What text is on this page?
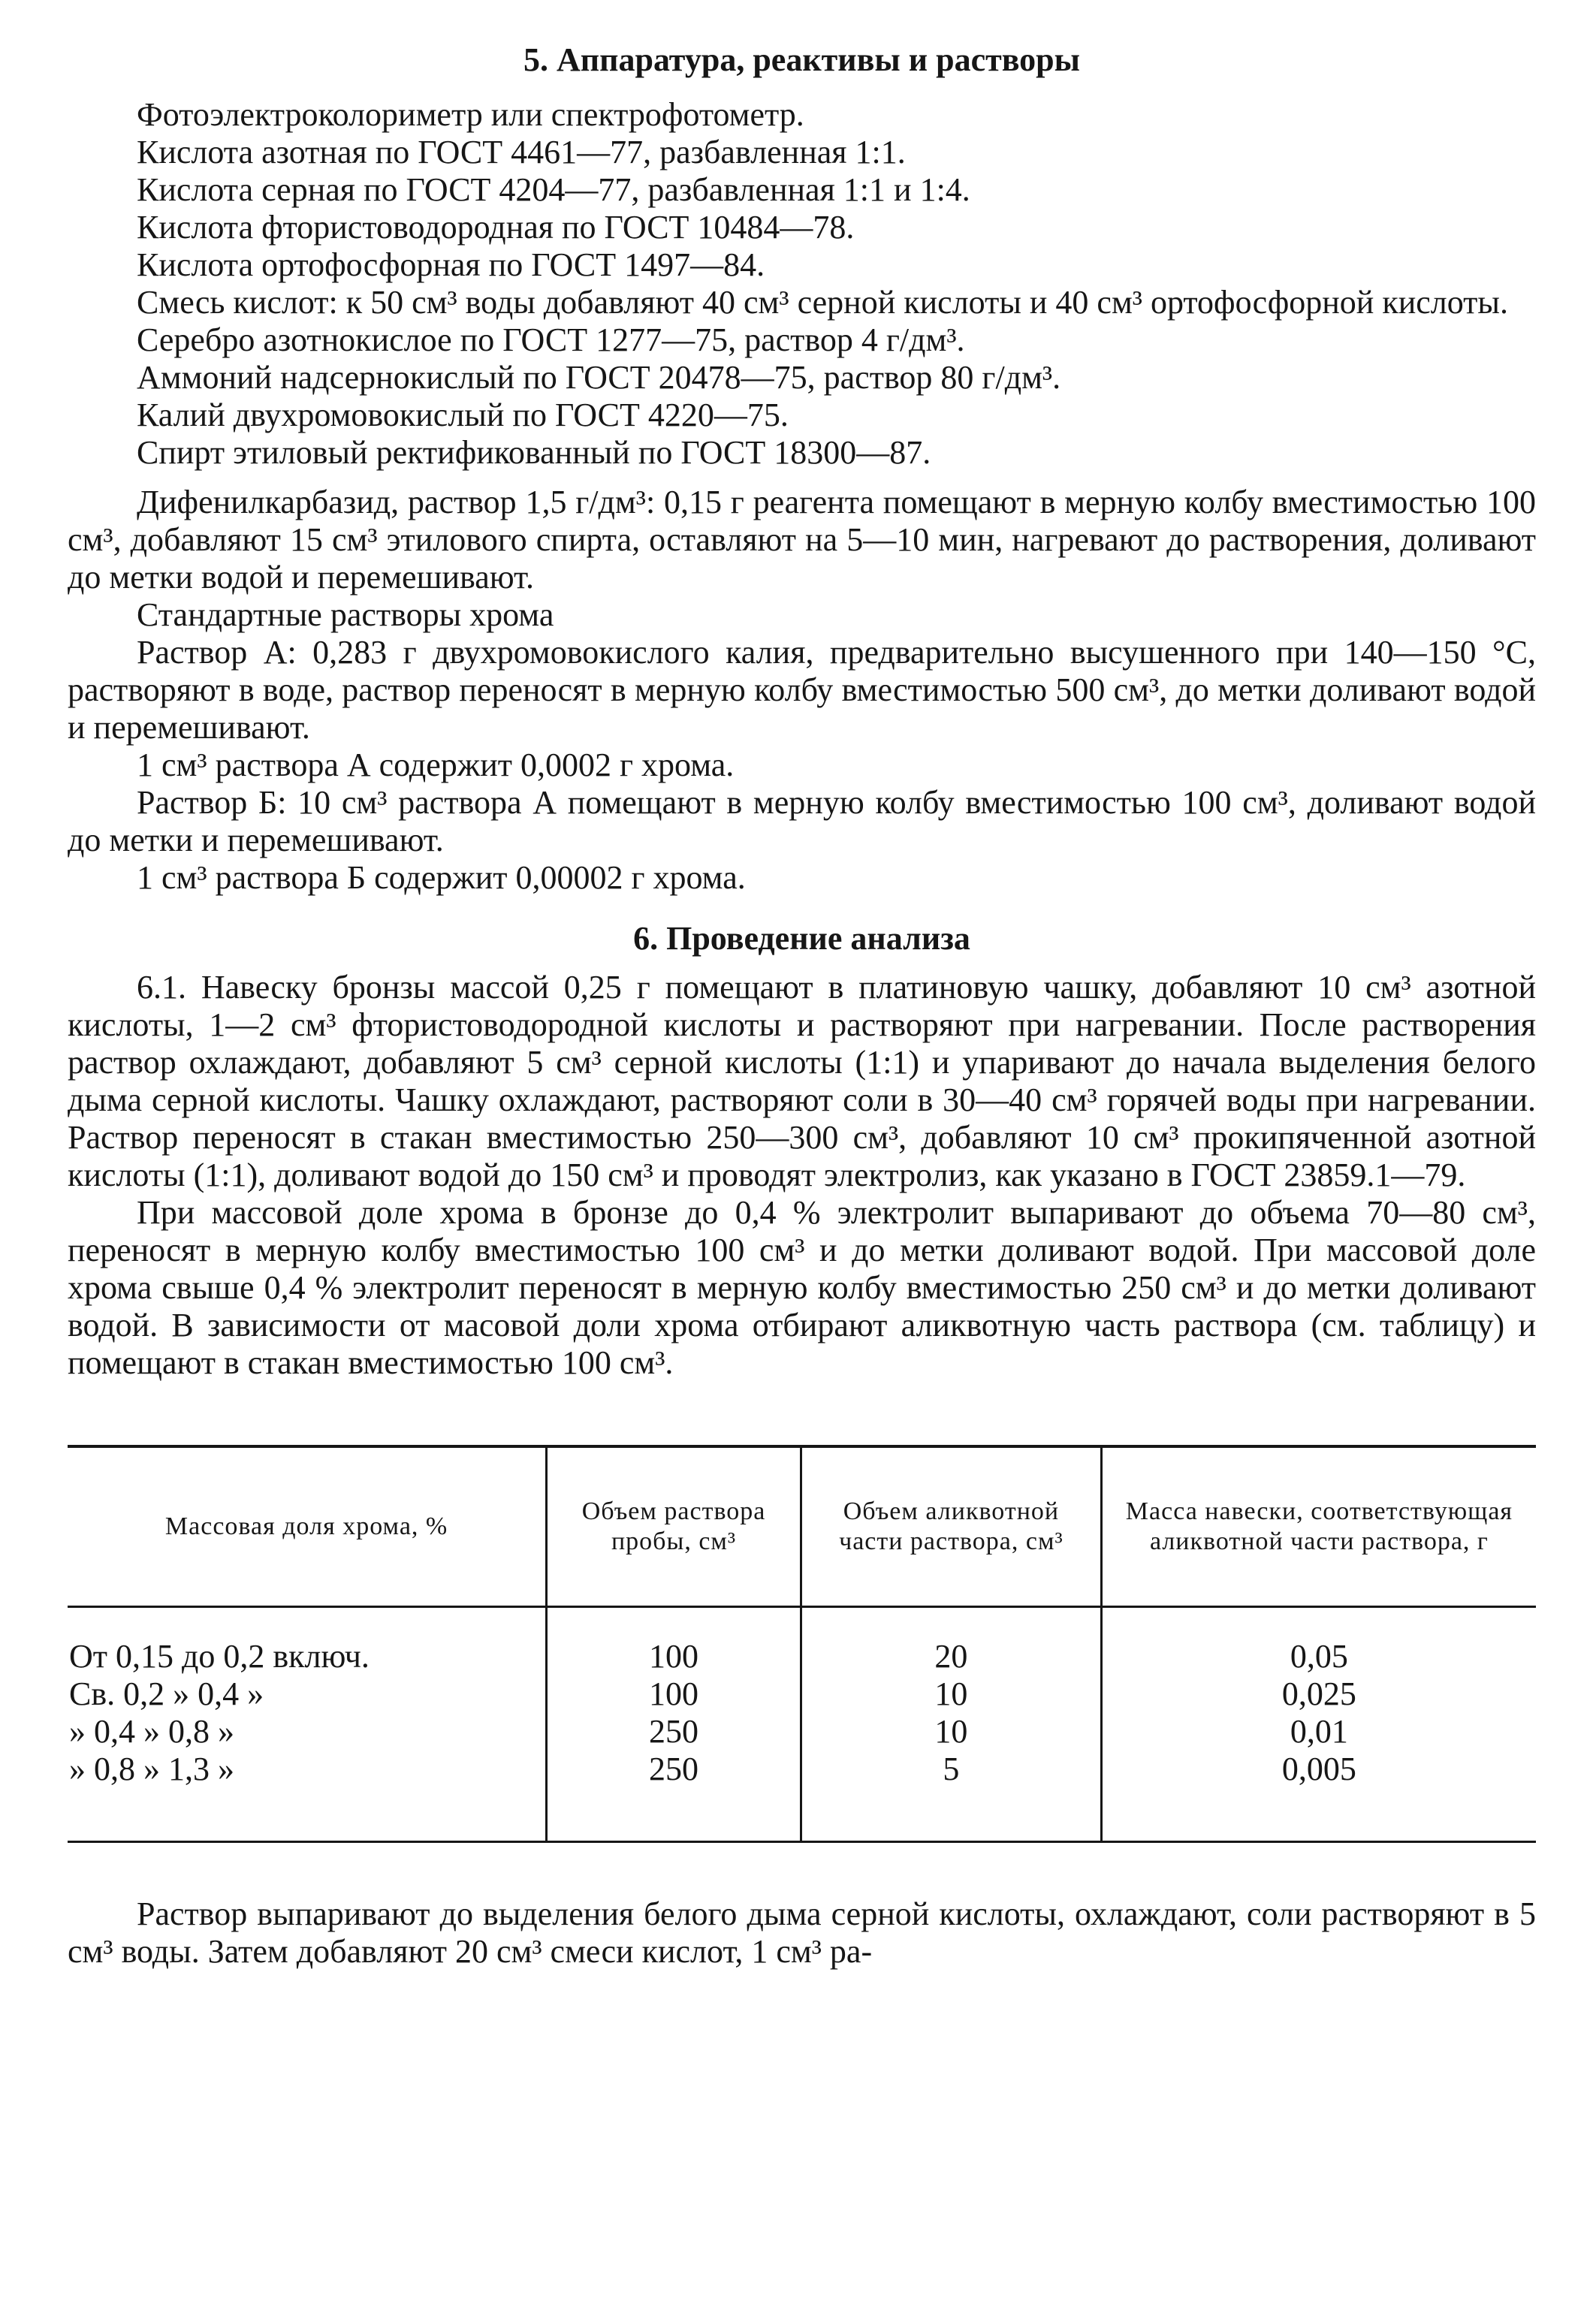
5. Аппаратура, реактивы и растворы
Фотоэлектроколориметр или спектрофотометр.
Кислота азотная по ГОСТ 4461—77, разбавленная 1:1.
Кислота серная по ГОСТ 4204—77, разбавленная 1:1 и 1:4.
Кислота фтористоводородная по ГОСТ 10484—78.
Кислота ортофосфорная по ГОСТ 1497—84.
Смесь кислот: к 50 см³ воды добавляют 40 см³ серной кислоты и 40 см³ ортофосфорной кислоты.
Серебро азотнокислое по ГОСТ 1277—75, раствор 4 г/дм³.
Аммоний надсернокислый по ГОСТ 20478—75, раствор 80 г/дм³.
Калий двухромовокислый по ГОСТ 4220—75.
Спирт этиловый ректификованный по ГОСТ 18300—87.
Дифенилкарбазид, раствор 1,5 г/дм³: 0,15 г реагента помещают в мерную колбу вместимостью 100 см³, добавляют 15 см³ этилового спирта, оставляют на 5—10 мин, нагревают до растворения, доливают до метки водой и перемешивают.
Стандартные растворы хрома
Раствор А: 0,283 г двухромовокислого калия, предварительно высушенного при 140—150 °С, растворяют в воде, раствор переносят в мерную колбу вместимостью 500 см³, до метки доливают водой и перемешивают.
1 см³ раствора А содержит 0,0002 г хрома.
Раствор Б: 10 см³ раствора А помещают в мерную колбу вместимостью 100 см³, доливают водой до метки и перемешивают.
1 см³ раствора Б содержит 0,00002 г хрома.
6. Проведение анализа
6.1. Навеску бронзы массой 0,25 г помещают в платиновую чашку, добавляют 10 см³ азотной кислоты, 1—2 см³ фтористоводородной кислоты и растворяют при нагревании. После растворения раствор охлаждают, добавляют 5 см³ серной кислоты (1:1) и упаривают до начала выделения белого дыма серной кислоты. Чашку охлаждают, растворяют соли в 30—40 см³ горячей воды при нагревании. Раствор переносят в стакан вместимостью 250—300 см³, добавляют 10 см³ прокипяченной азотной кислоты (1:1), доливают водой до 150 см³ и проводят электролиз, как указано в ГОСТ 23859.1—79.
При массовой доле хрома в бронзе до 0,4 % электролит выпаривают до объема 70—80 см³, переносят в мерную колбу вместимостью 100 см³ и до метки доливают водой. При массовой доле хрома свыше 0,4 % электролит переносят в мерную колбу вместимостью 250 см³ и до метки доливают водой. В зависимости от масовой доли хрома отбирают аликвотную часть раствора (см. таблицу) и помещают в стакан вместимостью 100 см³.
Массовая доля хрома, %	Объем раствора пробы, см³	Объем аликвотной части раствора, см³	Масса навески, соответствующая аликвотной части раствора, г
От 0,15 до 0,2 включ.	100	20	0,05
Св. 0,2 » 0,4 »	100	10	0,025
» 0,4 » 0,8 »	250	10	0,01
» 0,8 » 1,3 »	250	5	0,005
Раствор выпаривают до выделения белого дыма серной кислоты, охлаждают, соли растворяют в 5 см³ воды. Затем добавляют 20 см³ смеси кислот, 1 см³ ра-
